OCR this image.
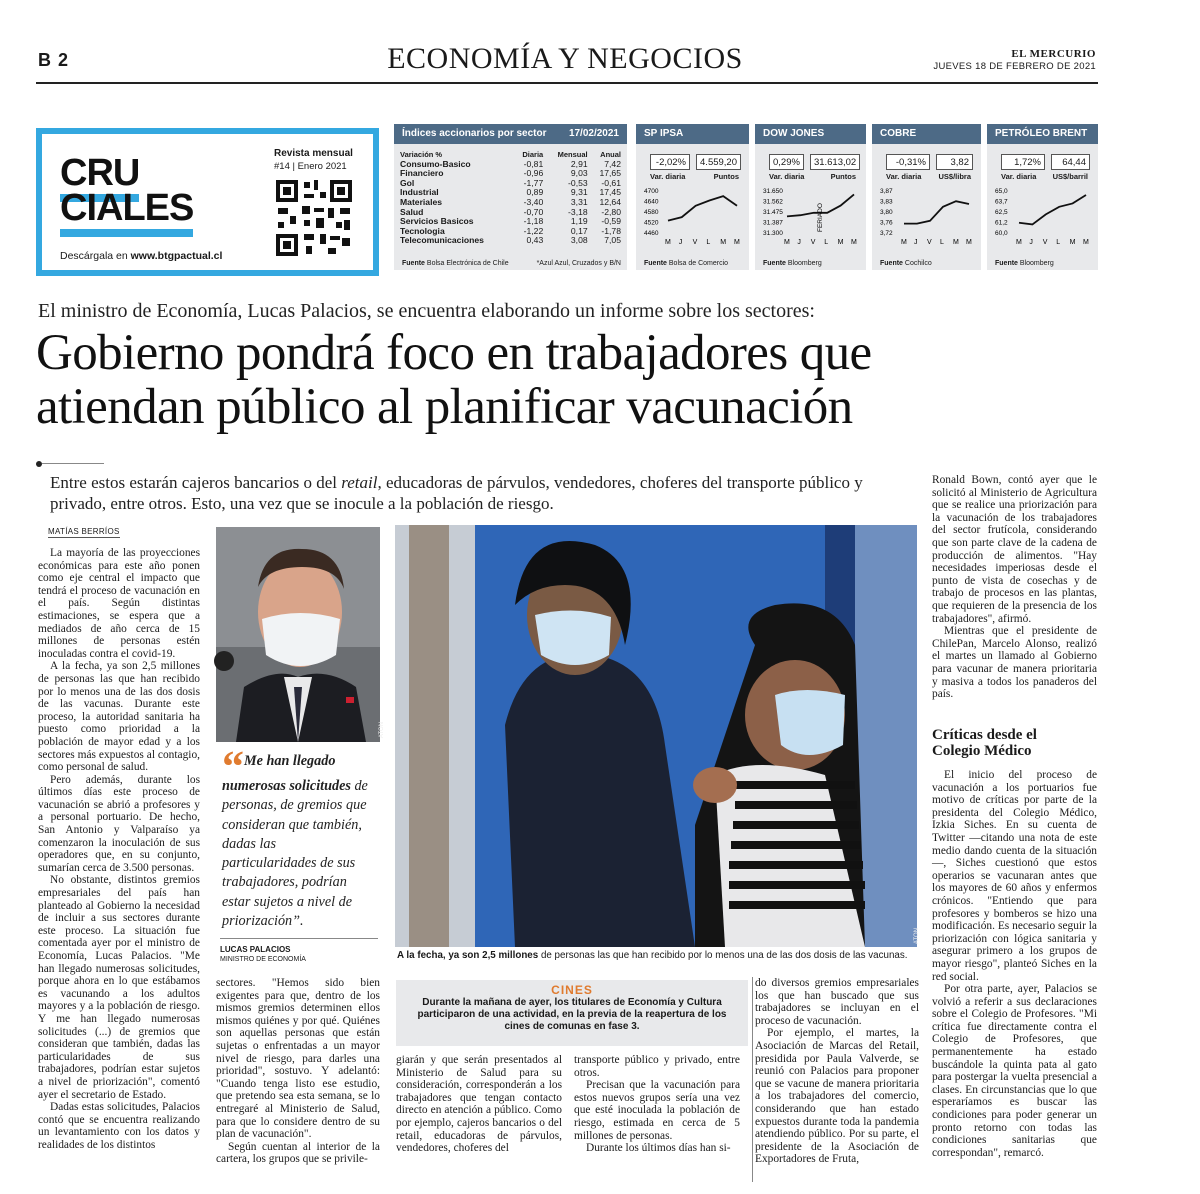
B 2	ECONOMÍA Y NEGOCIOS	EL MERCURIO
JUEVES 18 DE FEBRERO DE 2021
CRU
CIALES
Revista mensual
#14 | Enero 2021
Descárgala en www.btgpactual.cl
Índices accionarios por sector 17/02/2021
Variación %	Diaria	Mensual	Anual
Consumo-Basico	-0,81	2,91	7,42
Financiero	-0,96	9,03	17,65
Gol	-1,77	-0,53	-0,61
Industrial	0,89	9,31	17,45
Materiales	-3,40	3,31	12,64
Salud	-0,70	-3,18	-2,80
Servicios Basicos	-1,18	1,19	-0,59
Tecnologia	-1,22	0,17	-1,78
Telecomunicaciones	0,43	3,08	7,05
Fuente Bolsa Electrónica de Chile	*Azul Azul, Cruzados y B/N
SP IPSA
-2,02%	4.559,20
Var. diaria	Puntos
4700
4640
4580
4520
4460
M J V L M M
Fuente Bolsa de Comercio
DOW JONES
0,29%	31.613,02
Var. diaria	Puntos
31.650
31.562
31.475
31.387
31.300
M J V L M M
FERIADO
Fuente Bloomberg
COBRE
-0,31%	3,82
Var. diaria US$/libra
3,87
3,83
3,80
3,76
3,72
M J V L M M
Fuente Cochilco
PETRÓLEO BRENT
1,72%	64,44
Var. diaria US$/barril
65,0
63,7
62,5
61,2
60,0
M J V L M M
Fuente Bloomberg
El ministro de Economía, Lucas Palacios, se encuentra elaborando un informe sobre los sectores:
Gobierno pondrá foco en trabajadores que
atiendan público al planificar vacunación
Entre estos estarán cajeros bancarios o del retail, educadoras de párvulos, vendedores, choferes del transporte público y privado, entre otros. Esto, una vez que se inocule a la población de riesgo.
MATÍAS BERRÍOS

La mayoría de las proyecciones económicas para este año ponen como eje central el impacto que tendrá el proceso de vacunación en el país. Según distintas estimaciones, se espera que a mediados de año cerca de 15 millones de personas estén inoculadas contra el covid-19.

A la fecha, ya son 2,5 millones de personas las que han recibido por lo menos una de las dos dosis de las vacunas. Durante este proceso, la autoridad sanitaria ha puesto como prioridad a la población de mayor edad y a los sectores más expuestos al contagio, como personal de salud.

Pero además, durante los últimos días este proceso de vacunación se abrió a profesores y a personal portuario. De hecho, San Antonio y Valparaíso ya comenzaron la inoculación de sus operadores que, en su conjunto, sumarían cerca de 3.500 personas.

No obstante, distintos gremios empresariales del país han planteado al Gobierno la necesidad de incluir a sus sectores durante este proceso. La situación fue comentada ayer por el ministro de Economía, Lucas Palacios. "Me han llegado numerosas solicitudes, porque ahora en lo que estábamos es vacunando a los adultos mayores y a la población de riesgo. Y me han llegado numerosas solicitudes (...) de gremios que consideran que también, dadas las particularidades de sus trabajadores, podrían estar sujetos a nivel de priorización", comentó ayer el secretario de Estado.

Dadas estas solicitudes, Palacios contó que se encuentra realizando un levantamiento con los datos y realidades de los distintos

ATON
“Me han llegado numerosas solicitudes de personas, de gremios que consideran que también, dadas las particularidades de sus trabajadores, podrían estar sujetos a nivel de priorización”.
LUCAS PALACIOS
MINISTRO DE ECONOMÍA
ATON
A la fecha, ya son 2,5 millones de personas las que han recibido por lo menos una de las dos dosis de las vacunas.

sectores. "Hemos sido bien exigentes para que, dentro de los mismos gremios determinen ellos mismos quiénes y por qué. Quiénes son aquellas personas que están sujetas o enfrentadas a un mayor nivel de riesgo, para darles una prioridad", sostuvo. Y adelantó: "Cuando tenga listo ese estudio, que pretendo sea esta semana, se lo entregaré al Ministerio de Salud, para que lo considere dentro de su plan de vacunación".

Según cuentan al interior de la cartera, los grupos que se privile-

CINES
Durante la mañana de ayer, los titulares de Economía y Cultura participaron de una actividad, en la previa de la reapertura de los cines de comunas en fase 3.

giarán y que serán presentados al Ministerio de Salud para su consideración, corresponderán a los trabajadores que tengan contacto directo en atención a público. Como por ejemplo, cajeros bancarios o del retail, educadoras de párvulos, vendedores, choferes del

transporte público y privado, entre otros.

Precisan que la vacunación para estos nuevos grupos sería una vez que esté inoculada la población de riesgo, estimada en cerca de 5 millones de personas.

Durante los últimos días han si-

do diversos gremios empresariales los que han buscado que sus trabajadores se incluyan en el proceso de vacunación.

Por ejemplo, el martes, la Asociación de Marcas del Retail, presidida por Paula Valverde, se reunió con Palacios para proponer que se vacune de manera prioritaria a los trabajadores del comercio, considerando que han estado expuestos durante toda la pandemia atendiendo público. Por su parte, el presidente de la Asociación de Exportadores de Fruta,

Ronald Bown, contó ayer que le solicitó al Ministerio de Agricultura que se realice una priorización para la vacunación de los trabajadores del sector frutícola, considerando que son parte clave de la cadena de producción de alimentos. "Hay necesidades imperiosas desde el punto de vista de cosechas y de trabajo de procesos en las plantas, que requieren de la presencia de los trabajadores", afirmó.

Mientras que el presidente de ChilePan, Marcelo Alonso, realizó el martes un llamado al Gobierno para vacunar de manera prioritaria y masiva a todos los panaderos del país.

Críticas desde el
Colegio Médico

El inicio del proceso de vacunación a los portuarios fue motivo de críticas por parte de la presidenta del Colegio Médico, Izkia Siches. En su cuenta de Twitter —citando una nota de este medio dando cuenta de la situación—, Siches cuestionó que estos operarios se vacunaran antes que los mayores de 60 años y enfermos crónicos. "Entiendo que para profesores y bomberos se hizo una modificación. Es necesario seguir la priorización con lógica sanitaria y asegurar primero a los grupos de mayor riesgo", planteó Siches en la red social.

Por otra parte, ayer, Palacios se volvió a referir a sus declaraciones sobre el Colegio de Profesores. "Mi crítica fue directamente contra el Colegio de Profesores, que permanentemente ha estado buscándole la quinta pata al gato para postergar la vuelta presencial a clases. En circunstancias que lo que esperaríamos es buscar las condiciones para poder generar un pronto retorno con todas las condiciones sanitarias que correspondan", remarcó.
